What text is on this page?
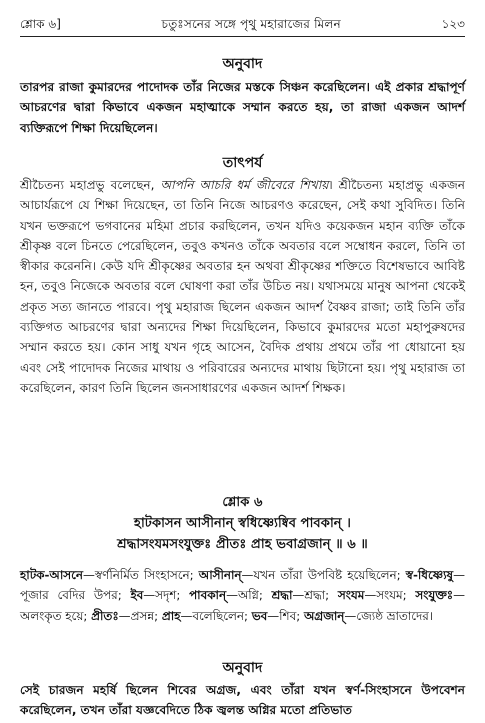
শ্লোক ৬]	চতুঃসনের সঙ্গে পৃথু মহারাজের মিলন	১২৩
অনুবাদ
তারপর রাজা কুমারদের পাদোদক তাঁর নিজের মস্তকে সিঞ্চন করেছিলেন। এই প্রকার শ্রদ্ধাপূর্ণ আচরণের দ্বারা কিভাবে একজন মহাত্মাকে সম্মান করতে হয়, তা রাজা একজন আদর্শ ব্যক্তিরূপে শিক্ষা দিয়েছিলেন।
তাৎপর্য
শ্রীচৈতন্য মহাপ্রভু বলেছেন, আপনি আচরি ধর্ম জীবেরে শিখায়। শ্রীচৈতন্য মহাপ্রভু একজন আচার্যরূপে যে শিক্ষা দিয়েছেন, তা তিনি নিজে আচরণও করেছেন, সেই কথা সুবিদিত। তিনি যখন ভক্তরূপে ভগবানের মহিমা প্রচার করছিলেন, তখন যদিও কয়েকজন মহান ব্যক্তি তাঁকে শ্রীকৃষ্ণ বলে চিনতে পেরেছিলেন, তবুও কখনও তাঁকে অবতার বলে সম্বোধন করলে, তিনি তা স্বীকার করেননি। কেউ যদি শ্রীকৃষ্ণের অবতার হন অথবা শ্রীকৃষ্ণের শক্তিতে বিশেষভাবে আবিষ্ট হন, তবুও নিজেকে অবতার বলে ঘোষণা করা তাঁর উচিত নয়। যথাসময়ে মানুষ আপনা থেকেই প্রকৃত সত্য জানতে পারবে। পৃথু মহারাজ ছিলেন একজন আদর্শ বৈষ্ণব রাজা; তাই তিনি তাঁর ব্যক্তিগত আচরণের দ্বারা অন্যদের শিক্ষা দিয়েছিলেন, কিভাবে কুমারদের মতো মহাপুরুষদের সম্মান করতে হয়। কোন সাধু যখন গৃহে আসেন, বৈদিক প্রথায় প্রথমে তাঁর পা ধোয়ানো হয় এবং সেই পাদোদক নিজের মাথায় ও পরিবারের অন্যদের মাথায় ছিটানো হয়। পৃথু মহারাজ তা করেছিলেন, কারণ তিনি ছিলেন জনসাধারণের একজন আদর্শ শিক্ষক।
শ্লোক ৬
হাটকাসন আসীনান্ স্বধিষ্ণ্যেষ্বিব পাবকান্ ।
শ্রদ্ধাসংযমসংযুক্তঃ প্রীতঃ প্রাহ ভবাগ্রজান্ ॥ ৬ ॥
হাটক-আসনে—স্বর্ণনির্মিত সিংহাসনে; আসীনান্—যখন তাঁরা উপবিষ্ট হয়েছিলেন; স্ব-ধিষ্ণ্যেষু—পূজার বেদির উপর; ইব—সদৃশ; পাবকান্—অগ্নি; শ্রদ্ধা—শ্রদ্ধা; সংযম—সংযম; সংযুক্তঃ—অলংকৃত হয়ে; প্রীতঃ—প্রসন্ন; প্রাহ—বলেছিলেন; ভব—শিব; অগ্রজান্—জ্যেষ্ঠ ভ্রাতাদের।
অনুবাদ
সেই চারজন মহর্ষি ছিলেন শিবের অগ্রজ, এবং তাঁরা যখন স্বর্ণ-সিংহাসনে উপবেশন করেছিলেন, তখন তাঁরা যজ্ঞবেদিতে ঠিক জ্বলন্ত অগ্নির মতো প্রতিভাত
